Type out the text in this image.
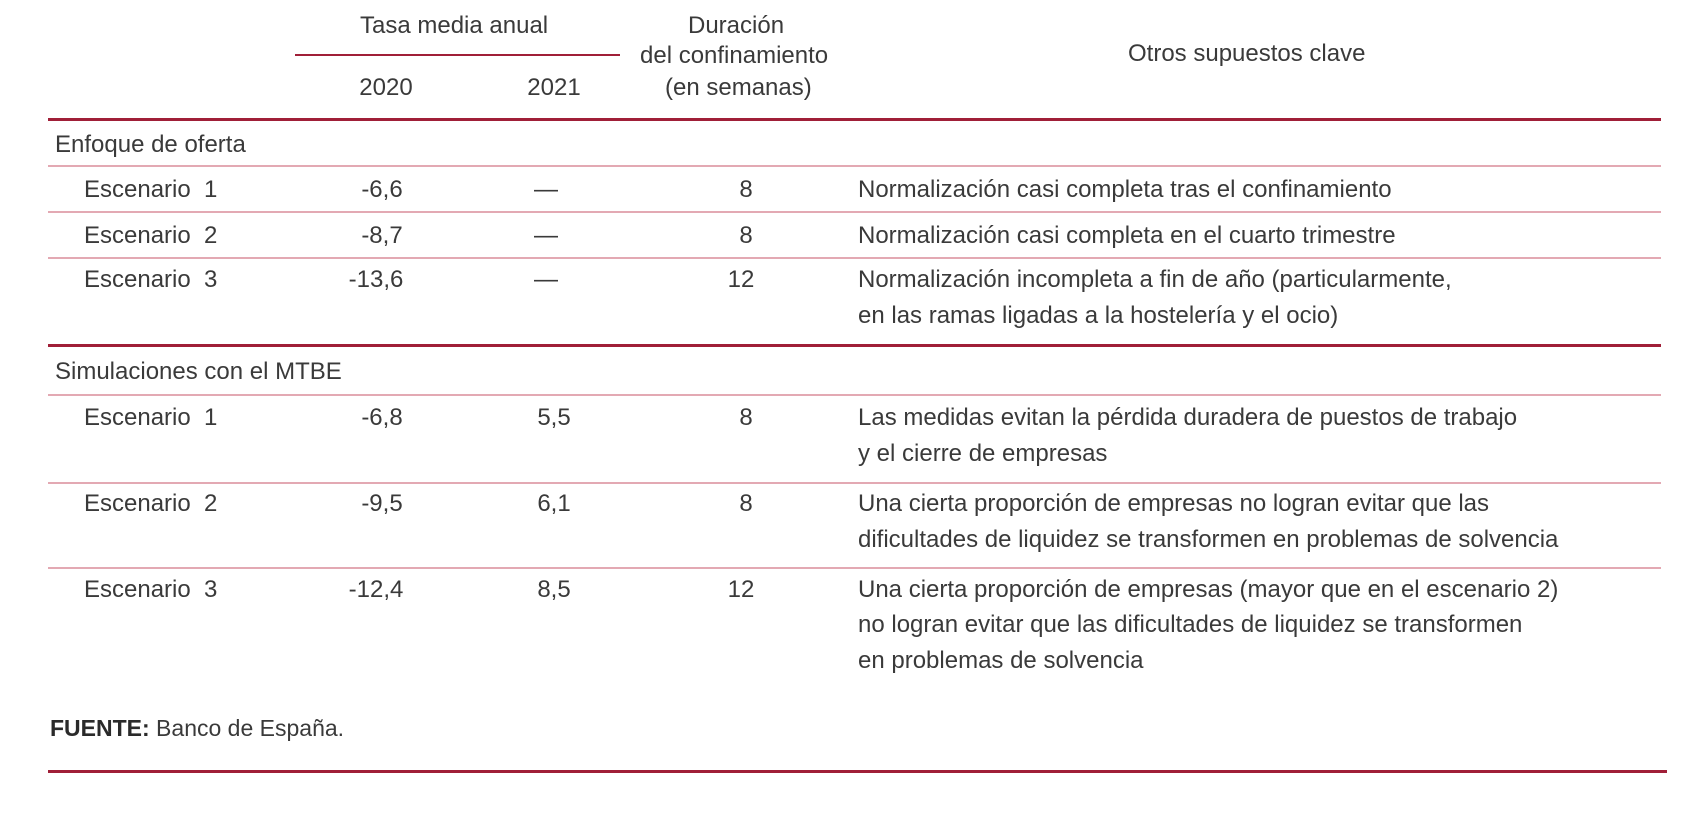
Tasa media anual
2020	2021
Duración
del confinamiento
(en semanas)
Otros supuestos clave
Enfoque de oferta
Escenario  1	-6,6	—	8	Normalización casi completa tras el confinamiento
Escenario  2	-8,7	—	8	Normalización casi completa en el cuarto trimestre
Escenario  3	-13,6	—	12	Normalización incompleta a fin de año (particularmente,
en las ramas ligadas a la hostelería y el ocio)
Simulaciones con el MTBE
Escenario  1	-6,8	5,5	8	Las medidas evitan la pérdida duradera de puestos de trabajo
y el cierre de empresas
Escenario  2	-9,5	6,1	8	Una cierta proporción de empresas no logran evitar que las
dificultades de liquidez se transformen en problemas de solvencia
Escenario  3	-12,4	8,5	12	Una cierta proporción de empresas (mayor que en el escenario 2)
no logran evitar que las dificultades de liquidez se transformen
en problemas de solvencia
FUENTE: Banco de España.
